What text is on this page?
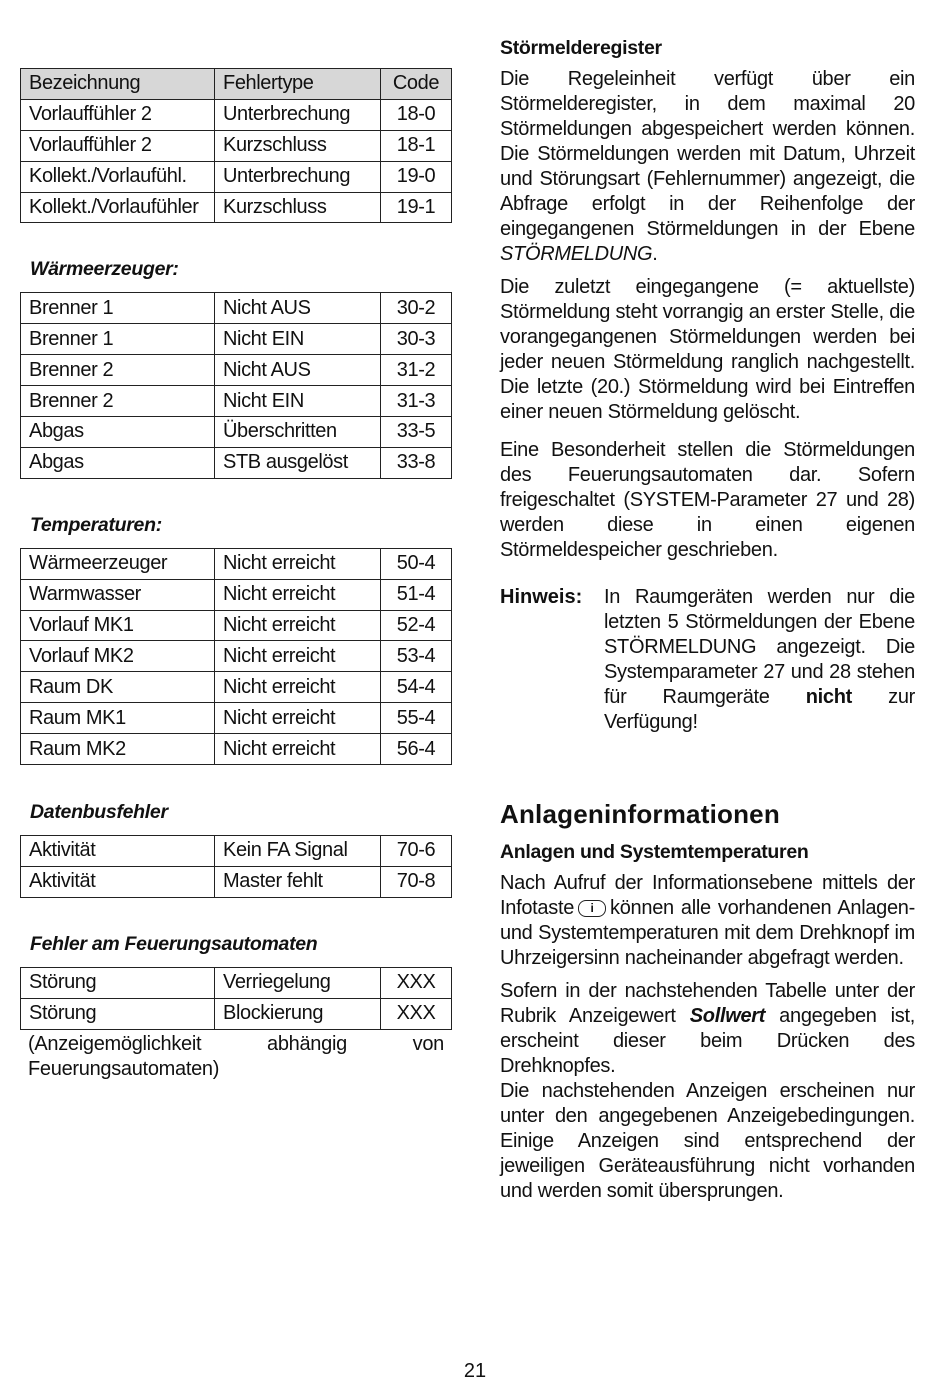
Bezeichnung	Fehlertype	Code
Vorlauffühler 2	Unterbrechung	18-0
Vorlauffühler 2	Kurzschluss	18-1
Kollekt./Vorlaufühl.	Unterbrechung	19-0
Kollekt./Vorlaufühler	Kurzschluss	19-1
Wärmeerzeuger:
Brenner 1	Nicht AUS	30-2
Brenner 1	Nicht EIN	30-3
Brenner 2	Nicht AUS	31-2
Brenner 2	Nicht EIN	31-3
Abgas	Überschritten	33-5
Abgas	STB ausgelöst	33-8
Temperaturen:
Wärmeerzeuger	Nicht erreicht	50-4
Warmwasser	Nicht erreicht	51-4
Vorlauf MK1	Nicht erreicht	52-4
Vorlauf MK2	Nicht erreicht	53-4
Raum DK	Nicht erreicht	54-4
Raum MK1	Nicht erreicht	55-4
Raum MK2	Nicht erreicht	56-4
Datenbusfehler
Aktivität	Kein FA Signal	70-6
Aktivität	Master fehlt	70-8
Fehler am Feuerungsautomaten
Störung	Verriegelung	XXX
Störung	Blockierung	XXX
(Anzeigemöglichkeit abhängig von Feuerungsautomaten)
Störmelderegister

Die Regeleinheit verfügt über ein Störmelderegister, in dem maximal 20 Störmeldungen abgespeichert werden können. Die Störmeldungen werden mit Datum, Uhrzeit und Störungsart (Fehlernummer) angezeigt, die Abfrage erfolgt in der Reihenfolge der eingegangenen Störmeldungen in der Ebene STÖRMELDUNG.

Die zuletzt eingegangene (= aktuellste) Störmeldung steht vorrangig an erster Stelle, die vorangegangenen Störmeldungen werden bei jeder neuen Störmeldung ranglich nachgestellt. Die letzte (20.) Störmeldung wird bei Eintreffen einer neuen Störmeldung gelöscht.

Eine Besonderheit stellen die Störmeldungen des Feuerungsautomaten dar. Sofern freigeschaltet (SYSTEM-Parameter 27 und 28) werden diese in einen eigenen Störmeldespeicher geschrieben.

Hinweis:	In Raumgeräten werden nur die letzten 5 Störmeldungen der Ebene STÖRMELDUNG angezeigt. Die Systemparameter 27 und 28 stehen für Raumgeräte nicht zur Verfügung!

Anlageninformationen
Anlagen und Systemtemperaturen

Nach Aufruf der Informationsebene mittels der Infotaste i können alle vorhandenen Anlagen- und Systemtemperaturen mit dem Drehknopf im Uhrzeigersinn nacheinander abgefragt werden.

Sofern in der nachstehenden Tabelle unter der Rubrik Anzeigewert Sollwert angegeben ist, erscheint dieser beim Drücken des Drehknopfes.

Die nachstehenden Anzeigen erscheinen nur unter den angegebenen Anzeigebedingungen. Einige Anzeigen sind entsprechend der jeweiligen Geräteausführung nicht vorhanden und werden somit übersprungen.

21
